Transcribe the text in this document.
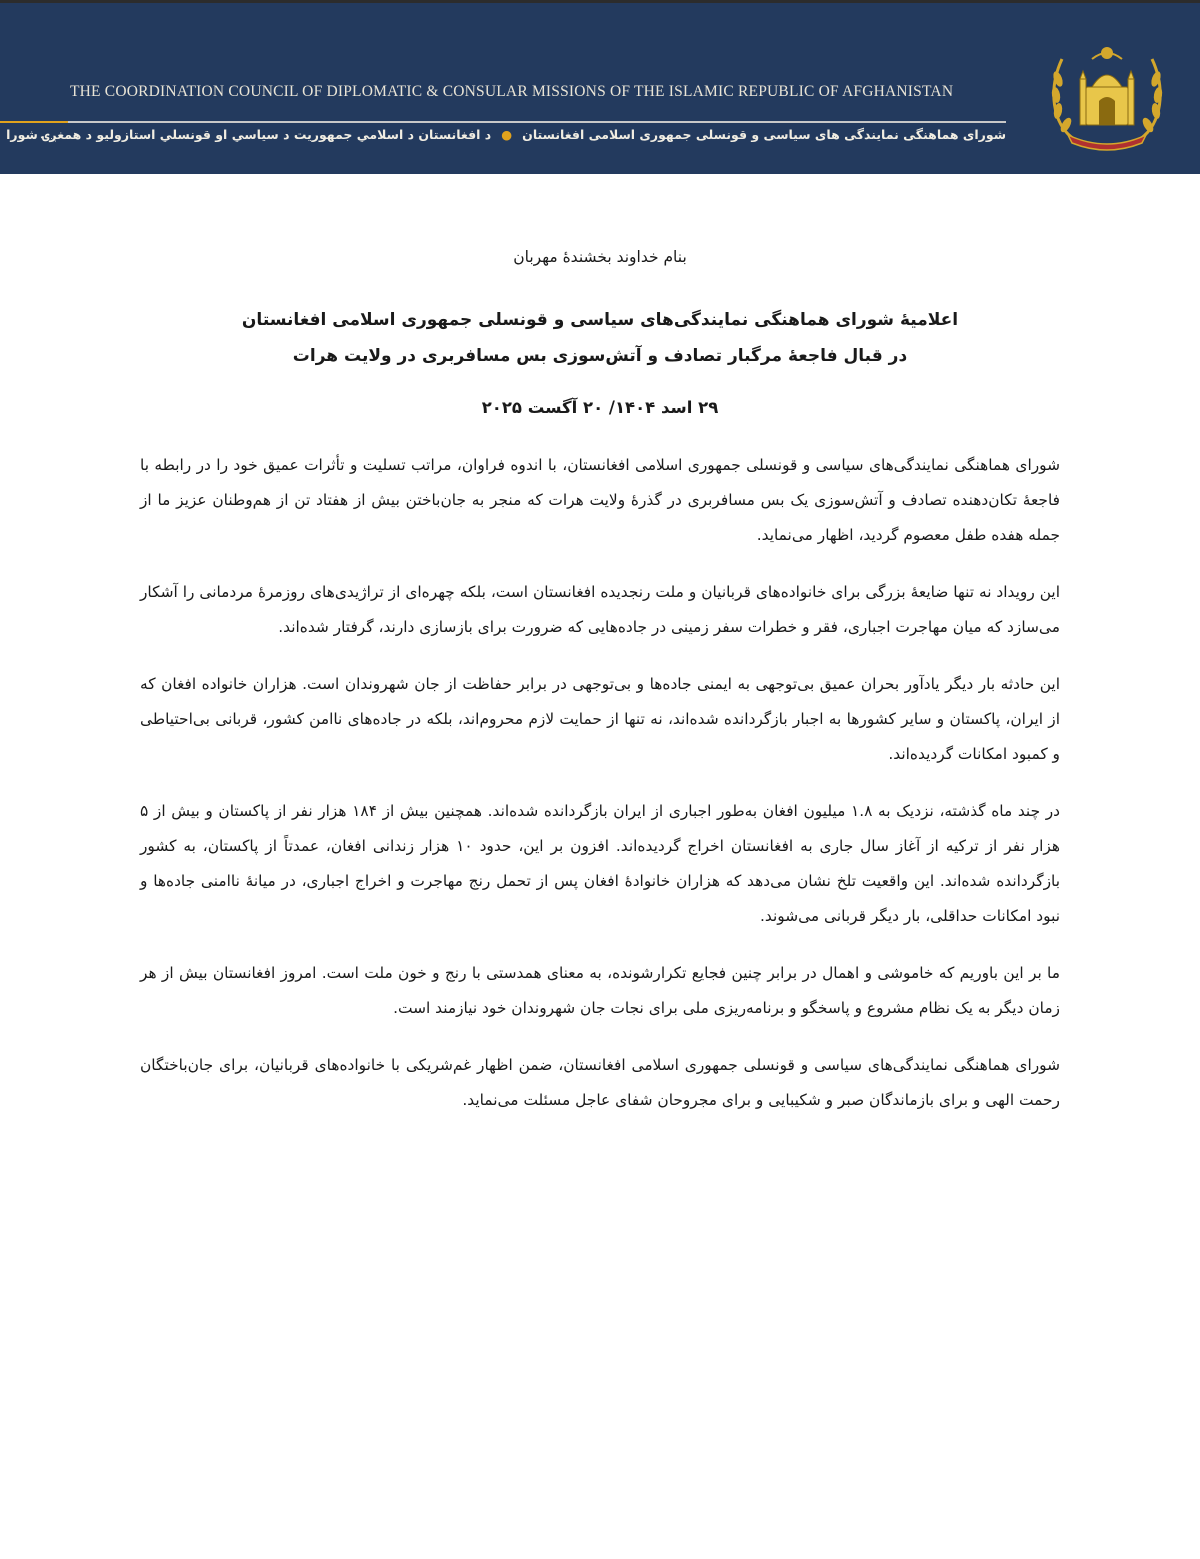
THE COORDINATION COUNCIL OF DIPLOMATIC & CONSULAR MISSIONS OF THE ISLAMIC REPUBLIC OF AFGHANISTAN
شورای هماهنگی نمایندگی های سیاسی و قونسلی جمهوری اسلامی افغانستان●د افغانستان د اسلامي جمهوریت د سیاسي او قونسلي استازولیو د همغږۍ شورا

بنام خداوند بخشندهٔ مهربان

اعلامیهٔ شورای هماهنگی نمایندگی‌های سیاسی و قونسلی جمهوری اسلامی افغانستان
در قبال فاجعهٔ مرگبار تصادف و آتش‌سوزی بس مسافربری در ولایت هرات

۲۹ اسد ۱۴۰۴/ ۲۰ آگست ۲۰۲۵

شورای هماهنگی نمایندگی‌های سیاسی و قونسلی جمهوری اسلامی افغانستان، با اندوه فراوان، مراتب تسلیت و تأثرات عمیق خود را در رابطه با فاجعهٔ تکان‌دهنده تصادف و آتش‌سوزی یک بس مسافربری در گذرهٔ ولایت هرات که منجر به جان‌باختن بیش از هفتاد تن از هم‌وطنان عزیز ما از جمله هفده طفل معصوم گردید، اظهار می‌نماید.

این رویداد نه تنها ضایعهٔ بزرگی برای خانواده‌های قربانیان و ملت رنجدیده افغانستان است، بلکه چهره‌ای از تراژیدی‌های روزمرهٔ مردمانی را آشکار می‌سازد که میان مهاجرت اجباری، فقر و خطرات سفر زمینی در جاده‌هایی که ضرورت برای بازسازی دارند، گرفتار شده‌اند.

این حادثه بار دیگر یادآور بحران عمیق بی‌توجهی به ایمنی جاده‌ها و بی‌توجهی در برابر حفاظت از جان شهروندان است. هزاران خانواده افغان که از ایران، پاکستان و سایر کشورها به اجبار بازگردانده شده‌اند، نه تنها از حمایت لازم محروم‌اند، بلکه در جاده‌های ناامن کشور، قربانی بی‌احتیاطی و کمبود امکانات گردیده‌اند.

در چند ماه گذشته، نزدیک به ۱.۸ میلیون افغان به‌طور اجباری از ایران بازگردانده شده‌اند. همچنین بیش از ۱۸۴ هزار نفر از پاکستان و بیش از ۵ هزار نفر از ترکیه از آغاز سال جاری به افغانستان اخراج گردیده‌اند. افزون بر این، حدود ۱۰ هزار زندانی افغان، عمدتاً از پاکستان، به کشور بازگردانده شده‌اند. این واقعیت تلخ نشان می‌دهد که هزاران خانوادهٔ افغان پس از تحمل رنج مهاجرت و اخراج اجباری، در میانهٔ ناامنی جاده‌ها و نبود امکانات حداقلی، بار دیگر قربانی می‌شوند.

ما بر این باوریم که خاموشی و اهمال در برابر چنین فجایع تکرارشونده، به معنای همدستی با رنج و خون ملت است. امروز افغانستان بیش از هر زمان دیگر به یک نظام مشروع و پاسخگو و برنامه‌ریزی ملی برای نجات جان شهروندان خود نیازمند است.

شورای هماهنگی نمایندگی‌های سیاسی و قونسلی جمهوری اسلامی افغانستان، ضمن اظهار غم‌شریکی با خانواده‌های قربانیان، برای جان‌باختگان رحمت الهی و برای بازماندگان صبر و شکیبایی و برای مجروحان شفای عاجل مسئلت می‌نماید.
